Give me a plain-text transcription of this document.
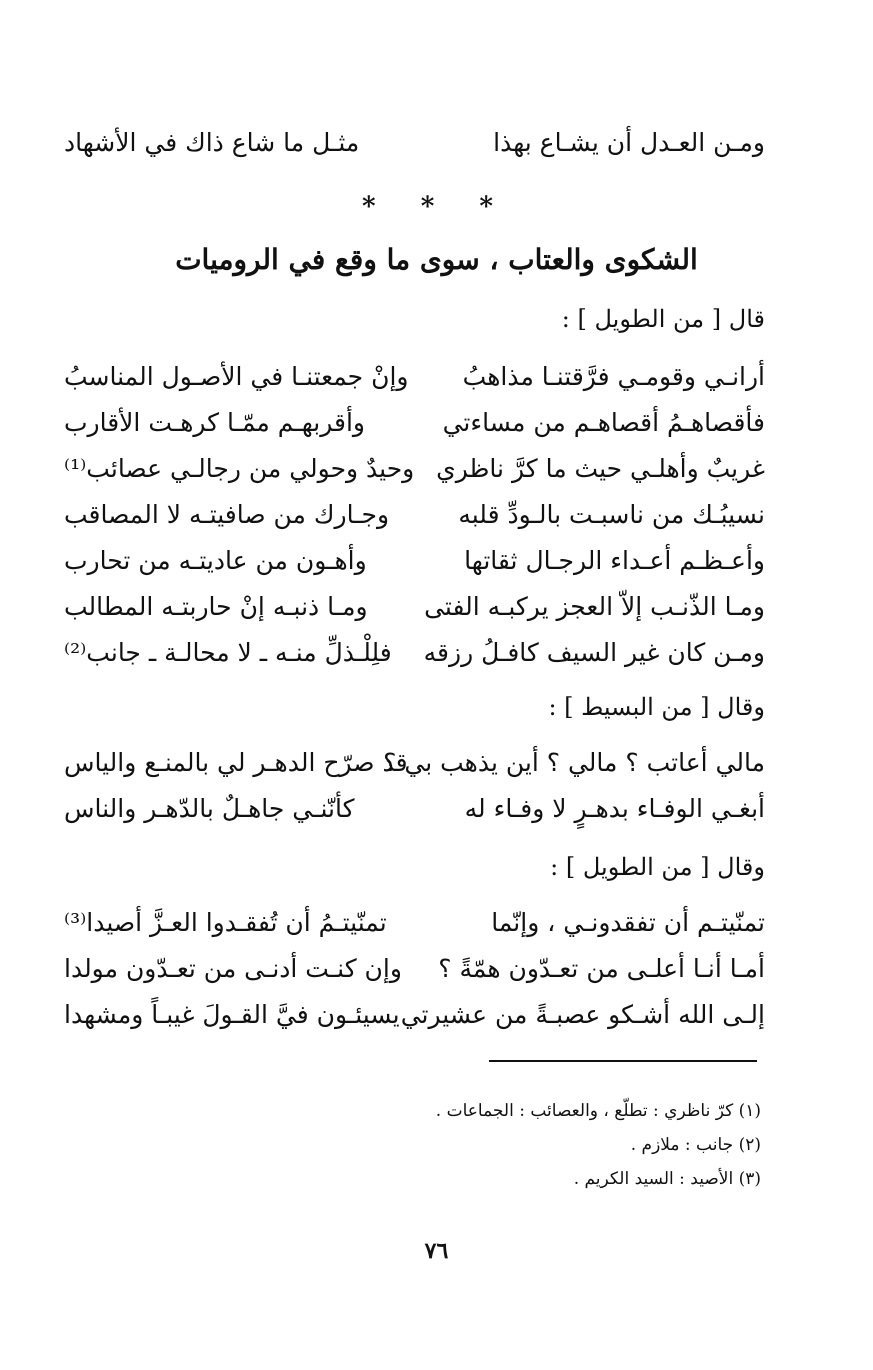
ومـن العـدل أن يشـاع بهذا
مثـل ما شاع ذاك في الأشهاد
* * *
الشكوى والعتاب ، سوى ما وقع في الروميات
قال [ من الطويل ] :
أرانـي وقومـي فرَّقتنـا مذاهبُ
وإنْ جمعتنـا في الأصـول المناسبُ
فأقصاهـمُ أقصاهـم من مساءتي
وأقربهـم ممّـا كرهـت الأقارب
غريبٌ وأهلـي حيث ما كرَّ ناظري
وحيدٌ وحولي من رجالـي عصائب⁽¹⁾
نسيبُـك من ناسبـت بالـودِّ قلبه
وجـارك من صافيتـه لا المصاقب
وأعـظـم أعـداء الرجـال ثقاتها
وأهـون من عاديتـه من تحارب
ومـا الذّنـب إلاّ العجز يركبـه الفتى
ومـا ذنبـه إنْ حاربتـه المطالب
ومـن كان غير السيف كافـلُ رزقه
فلِلْـذلِّ منـه ـ لا محالـة ـ جانب⁽²⁾
وقال [ من البسيط ] :
مالي أعاتب ؟ مالي ؟ أين يذهب بي ؟
قد صرّح الدهـر لي بالمنـع والياس
أبغـي الوفـاء بدهـرٍ لا وفـاء له
كأنّنـي جاهـلٌ بالدّهـر والناس
وقال [ من الطويل ] :
تمنّيتـم أن تفقدونـي ، وإنّما
تمنّيتـمُ أن تُفقـدوا العـزَّ أصيدا⁽³⁾
أمـا أنـا أعلـى من تعـدّون همّةً ؟
وإن كنـت أدنـى من تعـدّون مولدا
إلـى الله أشـكو عصبـةً من عشيرتي
يسيئـون فيَّ القـولَ غيبـاً ومشهدا
(١) كرّ ناظري : تطلّع ، والعصائب : الجماعات .
(٢) جانب : ملازم .
(٣) الأصيد : السيد الكريم .
٧٦
